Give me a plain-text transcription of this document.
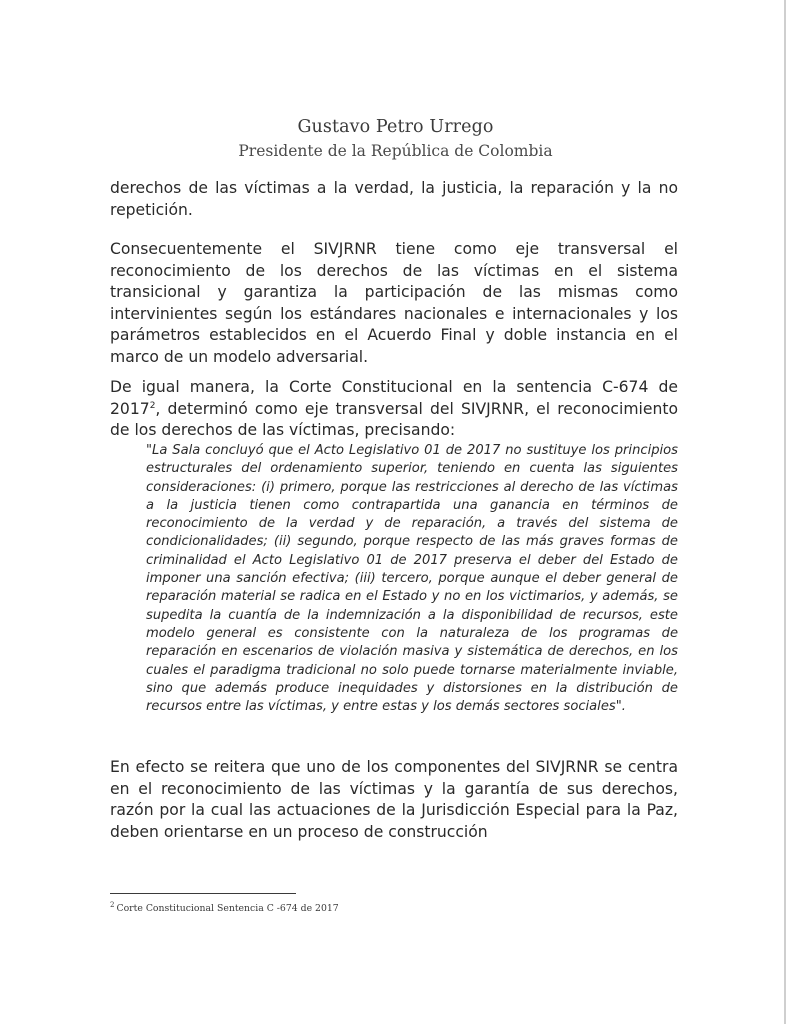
Gustavo Petro Urrego
Presidente de la República de Colombia

derechos de las víctimas a la verdad, la justicia, la reparación y la no repetición.

Consecuentemente el SIVJRNR tiene como eje transversal el reconocimiento de los derechos de las víctimas en el sistema transicional y garantiza la participación de las mismas como intervinientes según los estándares nacionales e internacionales y los parámetros establecidos en el Acuerdo Final y doble instancia en el marco de un modelo adversarial.

De igual manera, la Corte Constitucional en la sentencia C-674 de 2017$^2$, determinó como eje transversal del SIVJRNR, el reconocimiento de los derechos de las víctimas, precisando:

"La Sala concluyó que el Acto Legislativo 01 de 2017 no sustituye los principios estructurales del ordenamiento superior, teniendo en cuenta las siguientes consideraciones: (i) primero, porque las restricciones al derecho de las víctimas a la justicia tienen como contrapartida una ganancia en términos de reconocimiento de la verdad y de reparación, a través del sistema de condicionalidades; (ii) segundo, porque respecto de las más graves formas de criminalidad el Acto Legislativo 01 de 2017 preserva el deber del Estado de imponer una sanción efectiva; (iii) tercero, porque aunque el deber general de reparación material se radica en el Estado y no en los victimarios, y además, se supedita la cuantía de la indemnización a la disponibilidad de recursos, este modelo general es consistente con la naturaleza de los programas de reparación en escenarios de violación masiva y sistemática de derechos, en los cuales el paradigma tradicional no solo puede tornarse materialmente inviable, sino que además produce inequidades y distorsiones en la distribución de recursos entre las víctimas, y entre estas y los demás sectores sociales".

En efecto se reitera que uno de los componentes del SIVJRNR se centra en el reconocimiento de las víctimas y la garantía de sus derechos, razón por la cual las actuaciones de la Jurisdicción Especial para la Paz, deben orientarse en un proceso de construcción

$^2$ Corte Constitucional Sentencia C -674 de 2017
